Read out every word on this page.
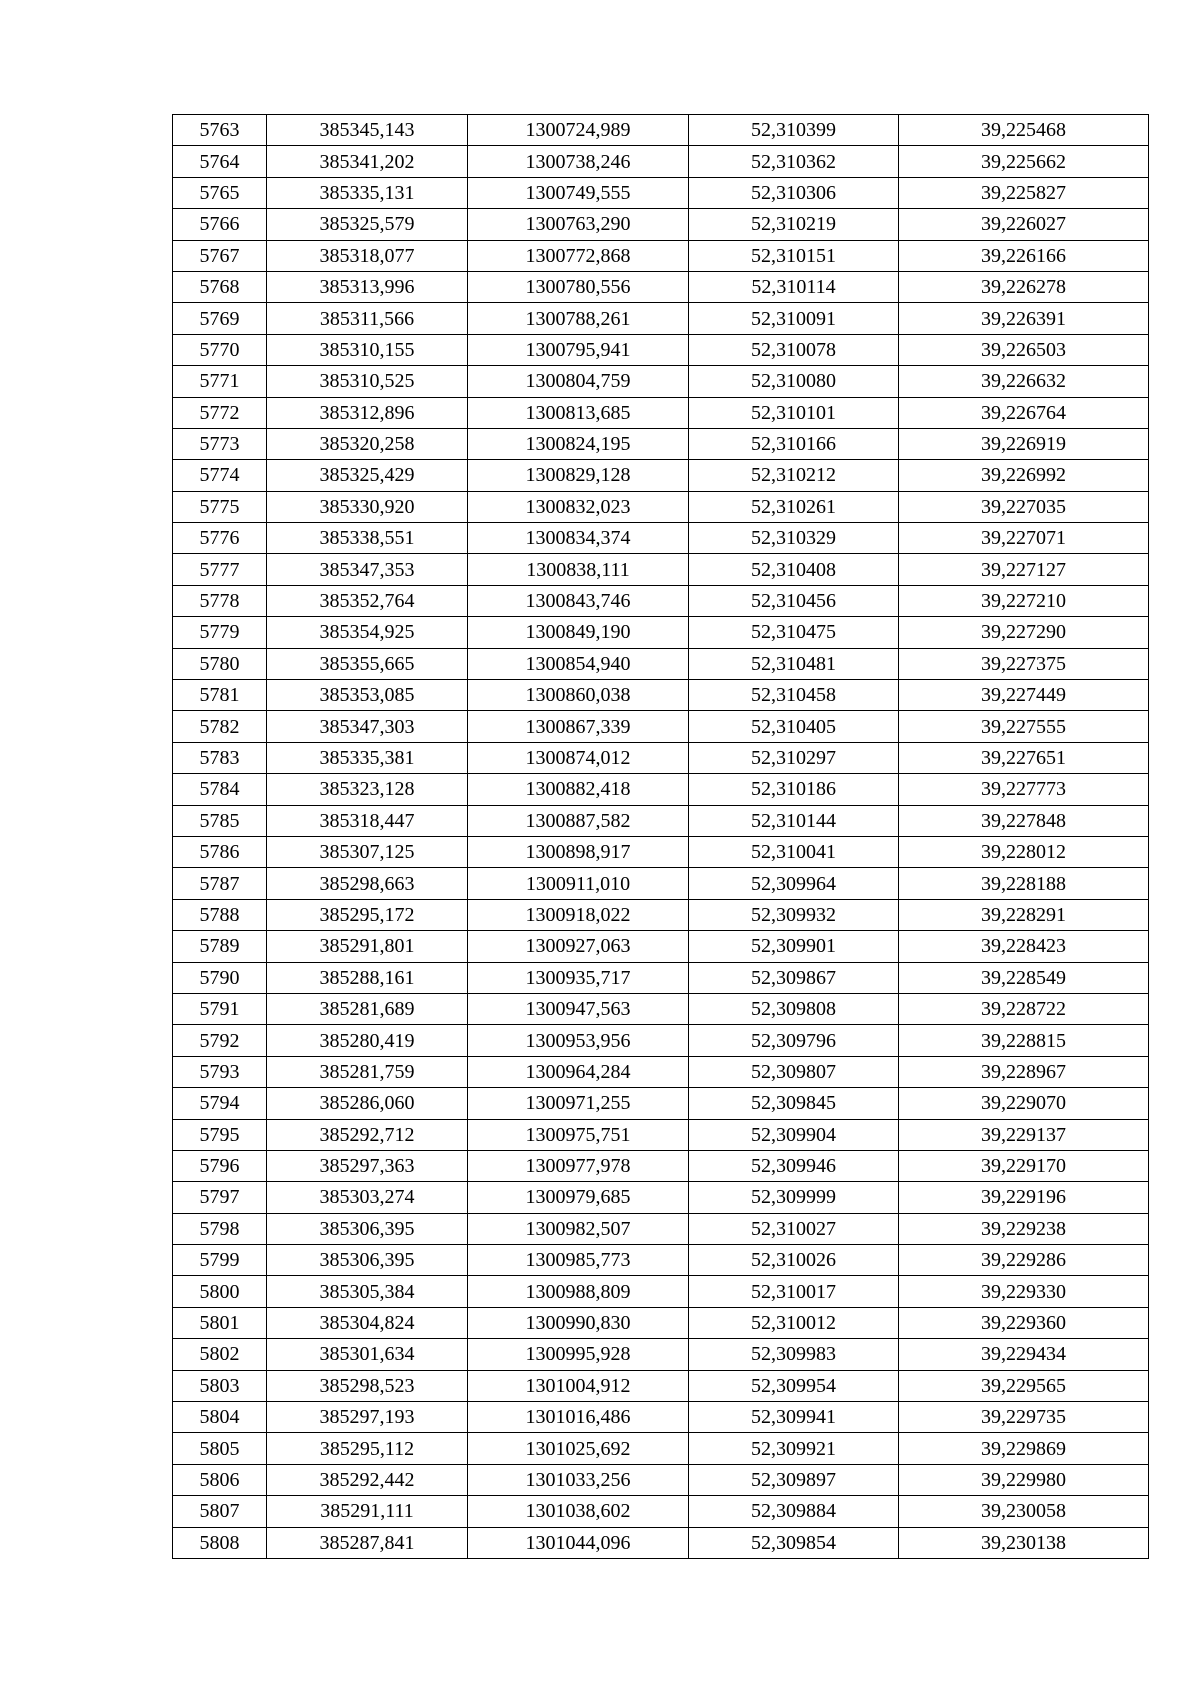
5763	385345,143	1300724,989	52,310399	39,225468
5764	385341,202	1300738,246	52,310362	39,225662
5765	385335,131	1300749,555	52,310306	39,225827
5766	385325,579	1300763,290	52,310219	39,226027
5767	385318,077	1300772,868	52,310151	39,226166
5768	385313,996	1300780,556	52,310114	39,226278
5769	385311,566	1300788,261	52,310091	39,226391
5770	385310,155	1300795,941	52,310078	39,226503
5771	385310,525	1300804,759	52,310080	39,226632
5772	385312,896	1300813,685	52,310101	39,226764
5773	385320,258	1300824,195	52,310166	39,226919
5774	385325,429	1300829,128	52,310212	39,226992
5775	385330,920	1300832,023	52,310261	39,227035
5776	385338,551	1300834,374	52,310329	39,227071
5777	385347,353	1300838,111	52,310408	39,227127
5778	385352,764	1300843,746	52,310456	39,227210
5779	385354,925	1300849,190	52,310475	39,227290
5780	385355,665	1300854,940	52,310481	39,227375
5781	385353,085	1300860,038	52,310458	39,227449
5782	385347,303	1300867,339	52,310405	39,227555
5783	385335,381	1300874,012	52,310297	39,227651
5784	385323,128	1300882,418	52,310186	39,227773
5785	385318,447	1300887,582	52,310144	39,227848
5786	385307,125	1300898,917	52,310041	39,228012
5787	385298,663	1300911,010	52,309964	39,228188
5788	385295,172	1300918,022	52,309932	39,228291
5789	385291,801	1300927,063	52,309901	39,228423
5790	385288,161	1300935,717	52,309867	39,228549
5791	385281,689	1300947,563	52,309808	39,228722
5792	385280,419	1300953,956	52,309796	39,228815
5793	385281,759	1300964,284	52,309807	39,228967
5794	385286,060	1300971,255	52,309845	39,229070
5795	385292,712	1300975,751	52,309904	39,229137
5796	385297,363	1300977,978	52,309946	39,229170
5797	385303,274	1300979,685	52,309999	39,229196
5798	385306,395	1300982,507	52,310027	39,229238
5799	385306,395	1300985,773	52,310026	39,229286
5800	385305,384	1300988,809	52,310017	39,229330
5801	385304,824	1300990,830	52,310012	39,229360
5802	385301,634	1300995,928	52,309983	39,229434
5803	385298,523	1301004,912	52,309954	39,229565
5804	385297,193	1301016,486	52,309941	39,229735
5805	385295,112	1301025,692	52,309921	39,229869
5806	385292,442	1301033,256	52,309897	39,229980
5807	385291,111	1301038,602	52,309884	39,230058
5808	385287,841	1301044,096	52,309854	39,230138
